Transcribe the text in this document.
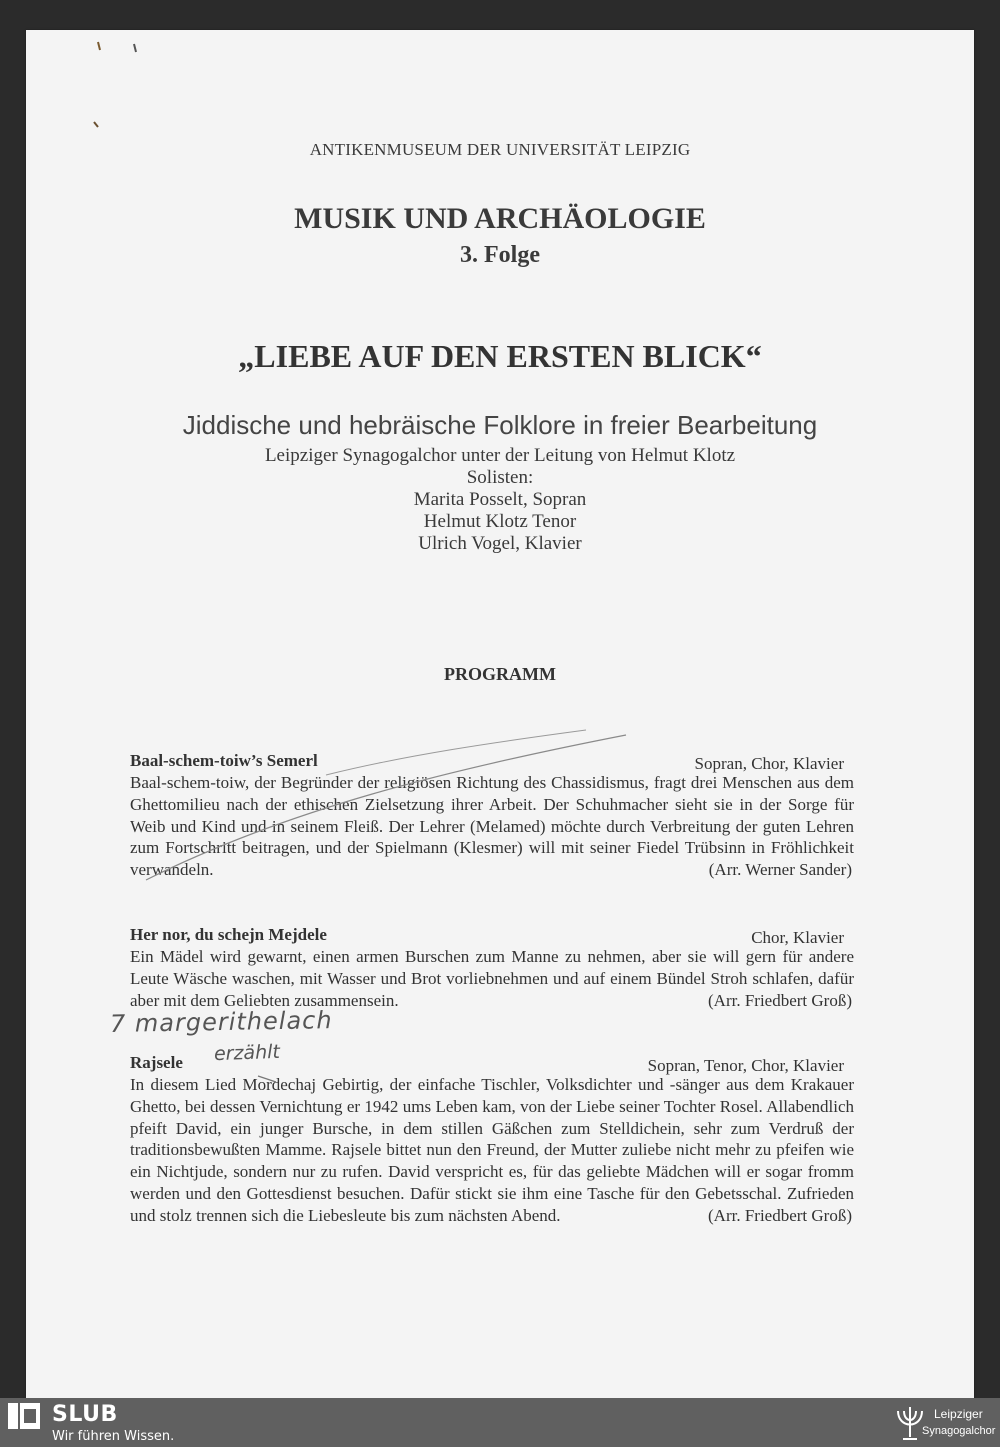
ANTIKENMUSEUM DER UNIVERSITÄT LEIPZIG
MUSIK UND ARCHÄOLOGIE
3. Folge
„LIEBE AUF DEN ERSTEN BLICK“
Jiddische und hebräische Folklore in freier Bearbeitung
Leipziger Synagogalchor unter der Leitung von Helmut Klotz
Solisten:
Marita Posselt, Sopran
Helmut Klotz Tenor
Ulrich Vogel, Klavier
PROGRAMM
Baal-schem-toiw’s Semerl	Sopran, Chor, Klavier
Baal-schem-toiw, der Begründer der religiösen Richtung des Chassidismus, fragt drei Menschen aus dem Ghettomilieu nach der ethischen Zielsetzung ihrer Arbeit. Der Schuhmacher sieht sie in der Sorge für Weib und Kind und in seinem Fleiß. Der Lehrer (Melamed) möchte durch Verbreitung der guten Lehren zum Fortschritt beitragen, und der Spielmann (Klesmer) will mit seiner Fiedel Trübsinn in Fröhlichkeit verwandeln.	(Arr. Werner Sander)
Her nor, du schejn Mejdele	Chor, Klavier
Ein Mädel wird gewarnt, einen armen Burschen zum Manne zu nehmen, aber sie will gern für andere Leute Wäsche waschen, mit Wasser und Brot vorliebnehmen und auf einem Bündel Stroh schlafen, dafür aber mit dem Geliebten zusammensein.	(Arr. Friedbert Groß)
7 margerithelach
erzählt
Rajsele	Sopran, Tenor, Chor, Klavier
In diesem Lied Mordechaj Gebirtig, der einfache Tischler, Volksdichter und -sänger aus dem Krakauer Ghetto, bei dessen Vernichtung er 1942 ums Leben kam, von der Liebe seiner Tochter Rosel. Allabendlich pfeift David, ein junger Bursche, in dem stillen Gäßchen zum Stelldichein, sehr zum Verdruß der traditionsbewußten Mamme. Rajsele bittet nun den Freund, der Mutter zuliebe nicht mehr zu pfeifen wie ein Nichtjude, sondern nur zu rufen. David verspricht es, für das geliebte Mädchen will er sogar fromm werden und den Gottesdienst besuchen. Dafür stickt sie ihm eine Tasche für den Gebetsschal. Zufrieden und stolz trennen sich die Liebesleute bis zum nächsten Abend.	(Arr. Friedbert Groß)
SLUB
Wir führen Wissen.
Leipziger
Synagogalchor
